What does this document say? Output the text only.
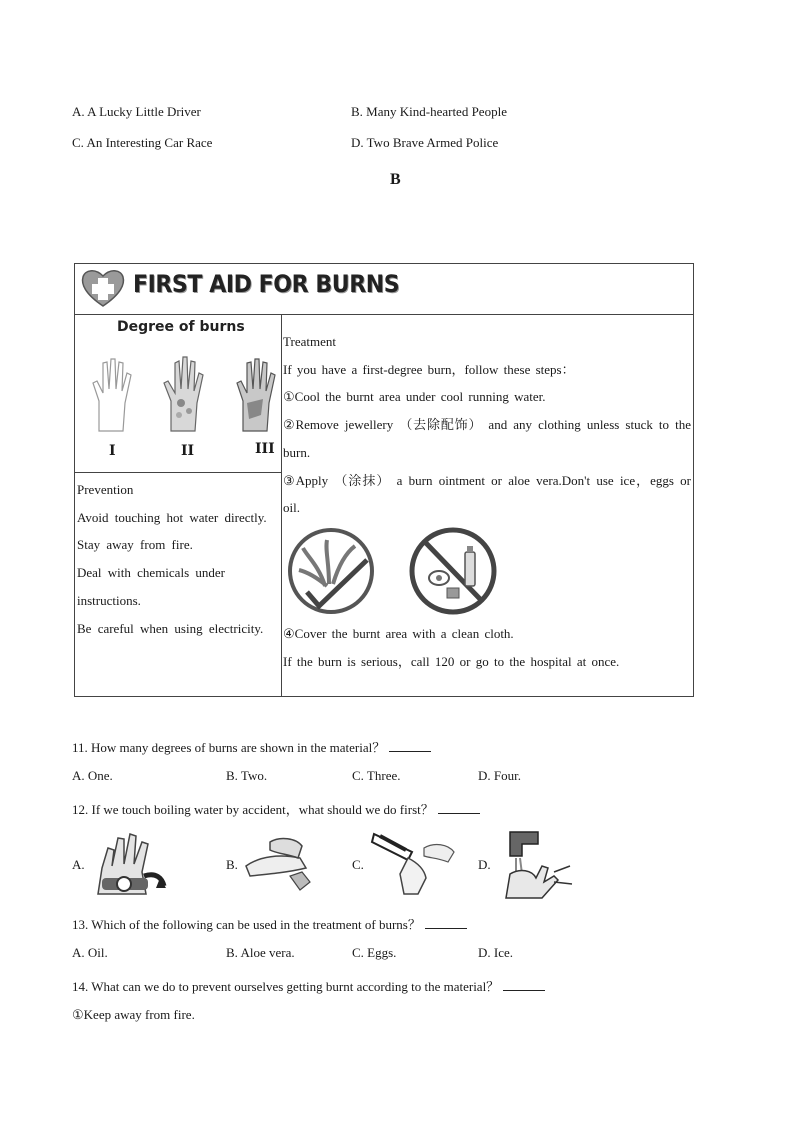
A. A Lucky Little Driver	B. Many Kind-hearted People
C. An Interesting Car Race	D. Two Brave Armed Police
B
FIRST AID FOR BURNS
Degree of burns
I	II	III

Prevention

Avoid touching hot water directly.

Stay away from fire.

Deal with chemicals under instructions.

Be careful when using electricity.

Treatment

If you have a first-degree burn，follow these steps：

①Cool the burnt area under cool running water.

②Remove jewellery （去除配饰） and any clothing unless stuck to the burn.

③Apply （涂抹） a burn ointment or aloe vera.Don't use ice，eggs or oil.

④Cover the burnt area with a clean cloth.

If the burn is serious，call 120 or go to the hospital at once.

11. How many degrees of burns are shown in the material？
A. One.	B. Two.	C. Three.	D. Four.
12. If we touch boiling water by accident，what should we do first？
A.	B.	C.	D.
13. Which of the following can be used in the treatment of burns？
A. Oil.	B. Aloe vera.	C. Eggs.	D. Ice.
14. What can we do to prevent ourselves getting burnt according to the material？
①Keep away from fire.
